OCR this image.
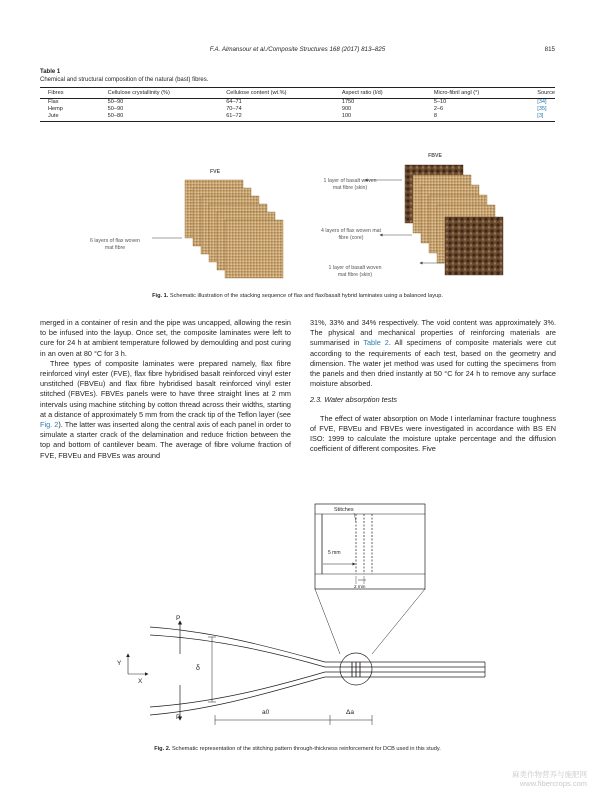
F.A. Almansour et al./Composite Structures 168 (2017) 813–825	815
Table 1
Chemical and structural composition of the natural (bast) fibres.
Fibres	Cellulose crystallinity (%)	Cellulose content (wt.%)	Aspect ratio (l/d)	Micro-fibril angl (°)	Source
Flax	50–90	64–71	1750	5–10	[34]
Hemp	50–90	70–74	900	2–6	[35]
Jute	50–80	61–72	100	8	[3]
FVE
FBVE
6 layers of flax woven
mat fibre
1 layer of basalt woven
mat fibre (skin)
4 layers of flax woven mat
fibre (core)
1 layer of basalt woven
mat fibre (skin)
Fig. 1. Schematic illustration of the stacking sequence of flax and flax/basalt hybrid laminates using a balanced layup.

merged in a container of resin and the pipe was uncapped, allowing the resin to be infused into the layup. Once set, the composite laminates were left to cure for 24 h at ambient temperature followed by demoulding and post curing in an oven at 80 °C for 3 h.

Three types of composite laminates were prepared namely, flax fibre reinforced vinyl ester (FVE), flax fibre hybridised basalt reinforced vinyl ester unstitched (FBVEu) and flax fibre hybridised basalt reinforced vinyl ester stitched (FBVEs). FBVEs panels were to have three straight lines at 2 mm intervals using machine stitching by cotton thread across their widths, starting at a distance of approximately 5 mm from the crack tip of the Teflon layer (see Fig. 2). The latter was inserted along the central axis of each panel in order to simulate a starter crack of the delamination and reduce friction between the top and bottom of cantilever beam. The average of fibre volume fraction of FVE, FBVEu and FBVEs was around

31%, 33% and 34% respectively. The void content was approximately 3%. The physical and mechanical properties of reinforcing materials are summarised in Table 2. All specimens of composite materials were cut according to the requirements of each test, based on the geometry and dimension. The water jet method was used for cutting the specimens from the panels and then dried instantly at 50 °C for 24 h to remove any surface moisture absorbed.

2.3. Water absorption tests

The effect of water absorption on Mode I interlaminar fracture toughness of FVE, FBVEu and FBVEs were investigated in accordance with BS EN ISO: 1999 to calculate the moisture uptake percentage and the diffusion coefficient of different composites. Five

Stitches
5 mm
2 mm
P
P
δ
a0	Δa
Y
X
Fig. 2. Schematic representation of the stitching pattern through-thickness reinforcement for DCB used in this study.
麻类作物营养与施肥网
www.fibercrops.com
